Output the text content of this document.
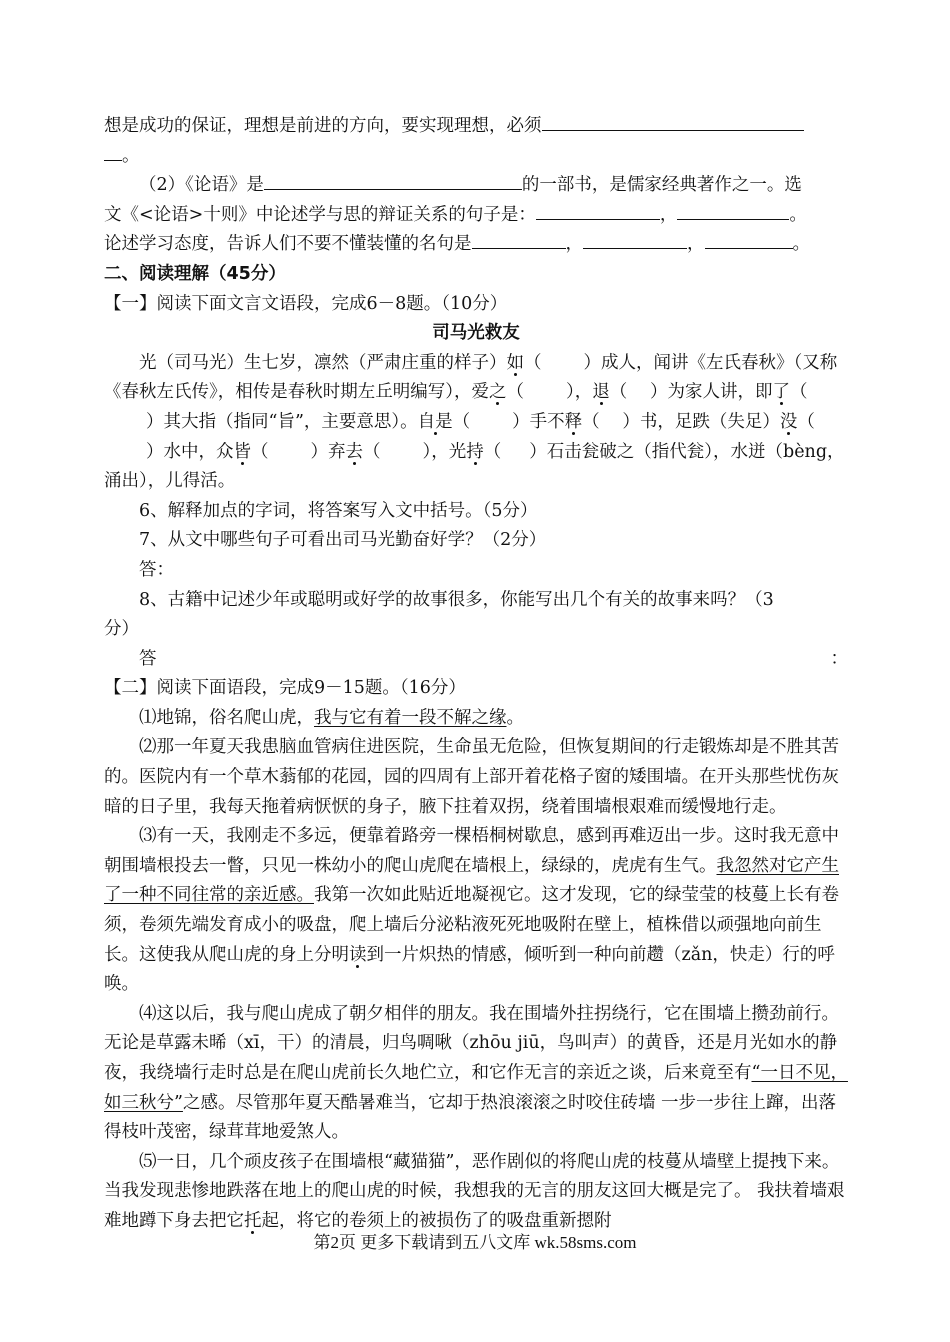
想是成功的保证，理想是前进的方向，要实现理想，必须

。

（2）《论语》是	的一部书，是儒家经典著作之一。选

文《<论语>十则》中论述学与思的辩证关系的句子是：	，	。

论述学习态度，告诉人们不要不懂装懂的名句是	，	，	。

二、阅读理解（45分）

【一】阅读下面文言文语段，完成6－8题。（10分）

司马光救友

光（司马光）生七岁，凛然（严肃庄重的样子）如（ ）成人，闻讲《左氏春秋》（又称《春秋左氏传》，相传是春秋时期左丘明编写），爱之（ ），退（ ）为家人讲，即了（）其大指（指同“旨”，主要意思）。自是（ ）手不释（ ）书，足跌（失足）没（）水中，众皆（ ）弃去（ ），光持（ ）石击瓮破之（指代瓮），水迸（bèng，涌出），儿得活。

6、解释加点的字词，将答案写入文中括号。（5分）

7、从文中哪些句子可看出司马光勤奋好学？（2分）

答：

8、古籍中记述少年或聪明或好学的故事很多，你能写出几个有关的故事来吗？（3

分）

答	：

【二】阅读下面语段，完成9－15题。（16分）

⑴地锦，俗名爬山虎，我与它有着一段不解之缘。

⑵那一年夏天我患脑血管病住进医院，生命虽无危险，但恢复期间的行走锻炼却是不胜其苦的。医院内有一个草木蓊郁的花园，园的四周有上部开着花格子窗的矮围墙。在开头那些忧伤灰暗的日子里，我每天拖着病恹恹的身子，腋下拄着双拐，绕着围墙根艰难而缓慢地行走。

⑶有一天，我刚走不多远，便靠着路旁一棵梧桐树歇息，感到再难迈出一步。这时我无意中朝围墙根投去一瞥，只见一株幼小的爬山虎爬在墙根上，绿绿的，虎虎有生气。我忽然对它产生了一种不同往常的亲近感。我第一次如此贴近地凝视它。这才发现，它的绿莹莹的枝蔓上长有卷须，卷须先端发育成小的吸盘，爬上墙后分泌粘液死死地吸附在壁上，植株借以顽强地向前生长。这使我从爬山虎的身上分明读到一片炽热的情感，倾听到一种向前趱（zǎn，快走）行的呼唤。

⑷这以后，我与爬山虎成了朝夕相伴的朋友。我在围墙外拄拐绕行，它在围墙上攒劲前行。无论是草露未晞（xī，干）的清晨，归鸟啁啾（zhōu jiū，鸟叫声）的黄昏，还是月光如水的静夜，我绕墙行走时总是在爬山虎前长久地伫立，和它作无言的亲近之谈，后来竟至有“一日不见，如三秋兮”之感。尽管那年夏天酷暑难当，它却于热浪滚滚之时咬住砖墙 一步一步往上蹿，出落得枝叶茂密，绿茸茸地爱煞人。

⑸一日，几个顽皮孩子在围墙根“藏猫猫”，恶作剧似的将爬山虎的枝蔓从墙壁上提拽下来。当我发现悲惨地跌落在地上的爬山虎的时候，我想我的无言的朋友这回大概是完了。 我扶着墙艰难地蹲下身去把它托起，将它的卷须上的被损伤了的吸盘重新摁附

第2页 更多下载请到五八文库 wk.58sms.com
